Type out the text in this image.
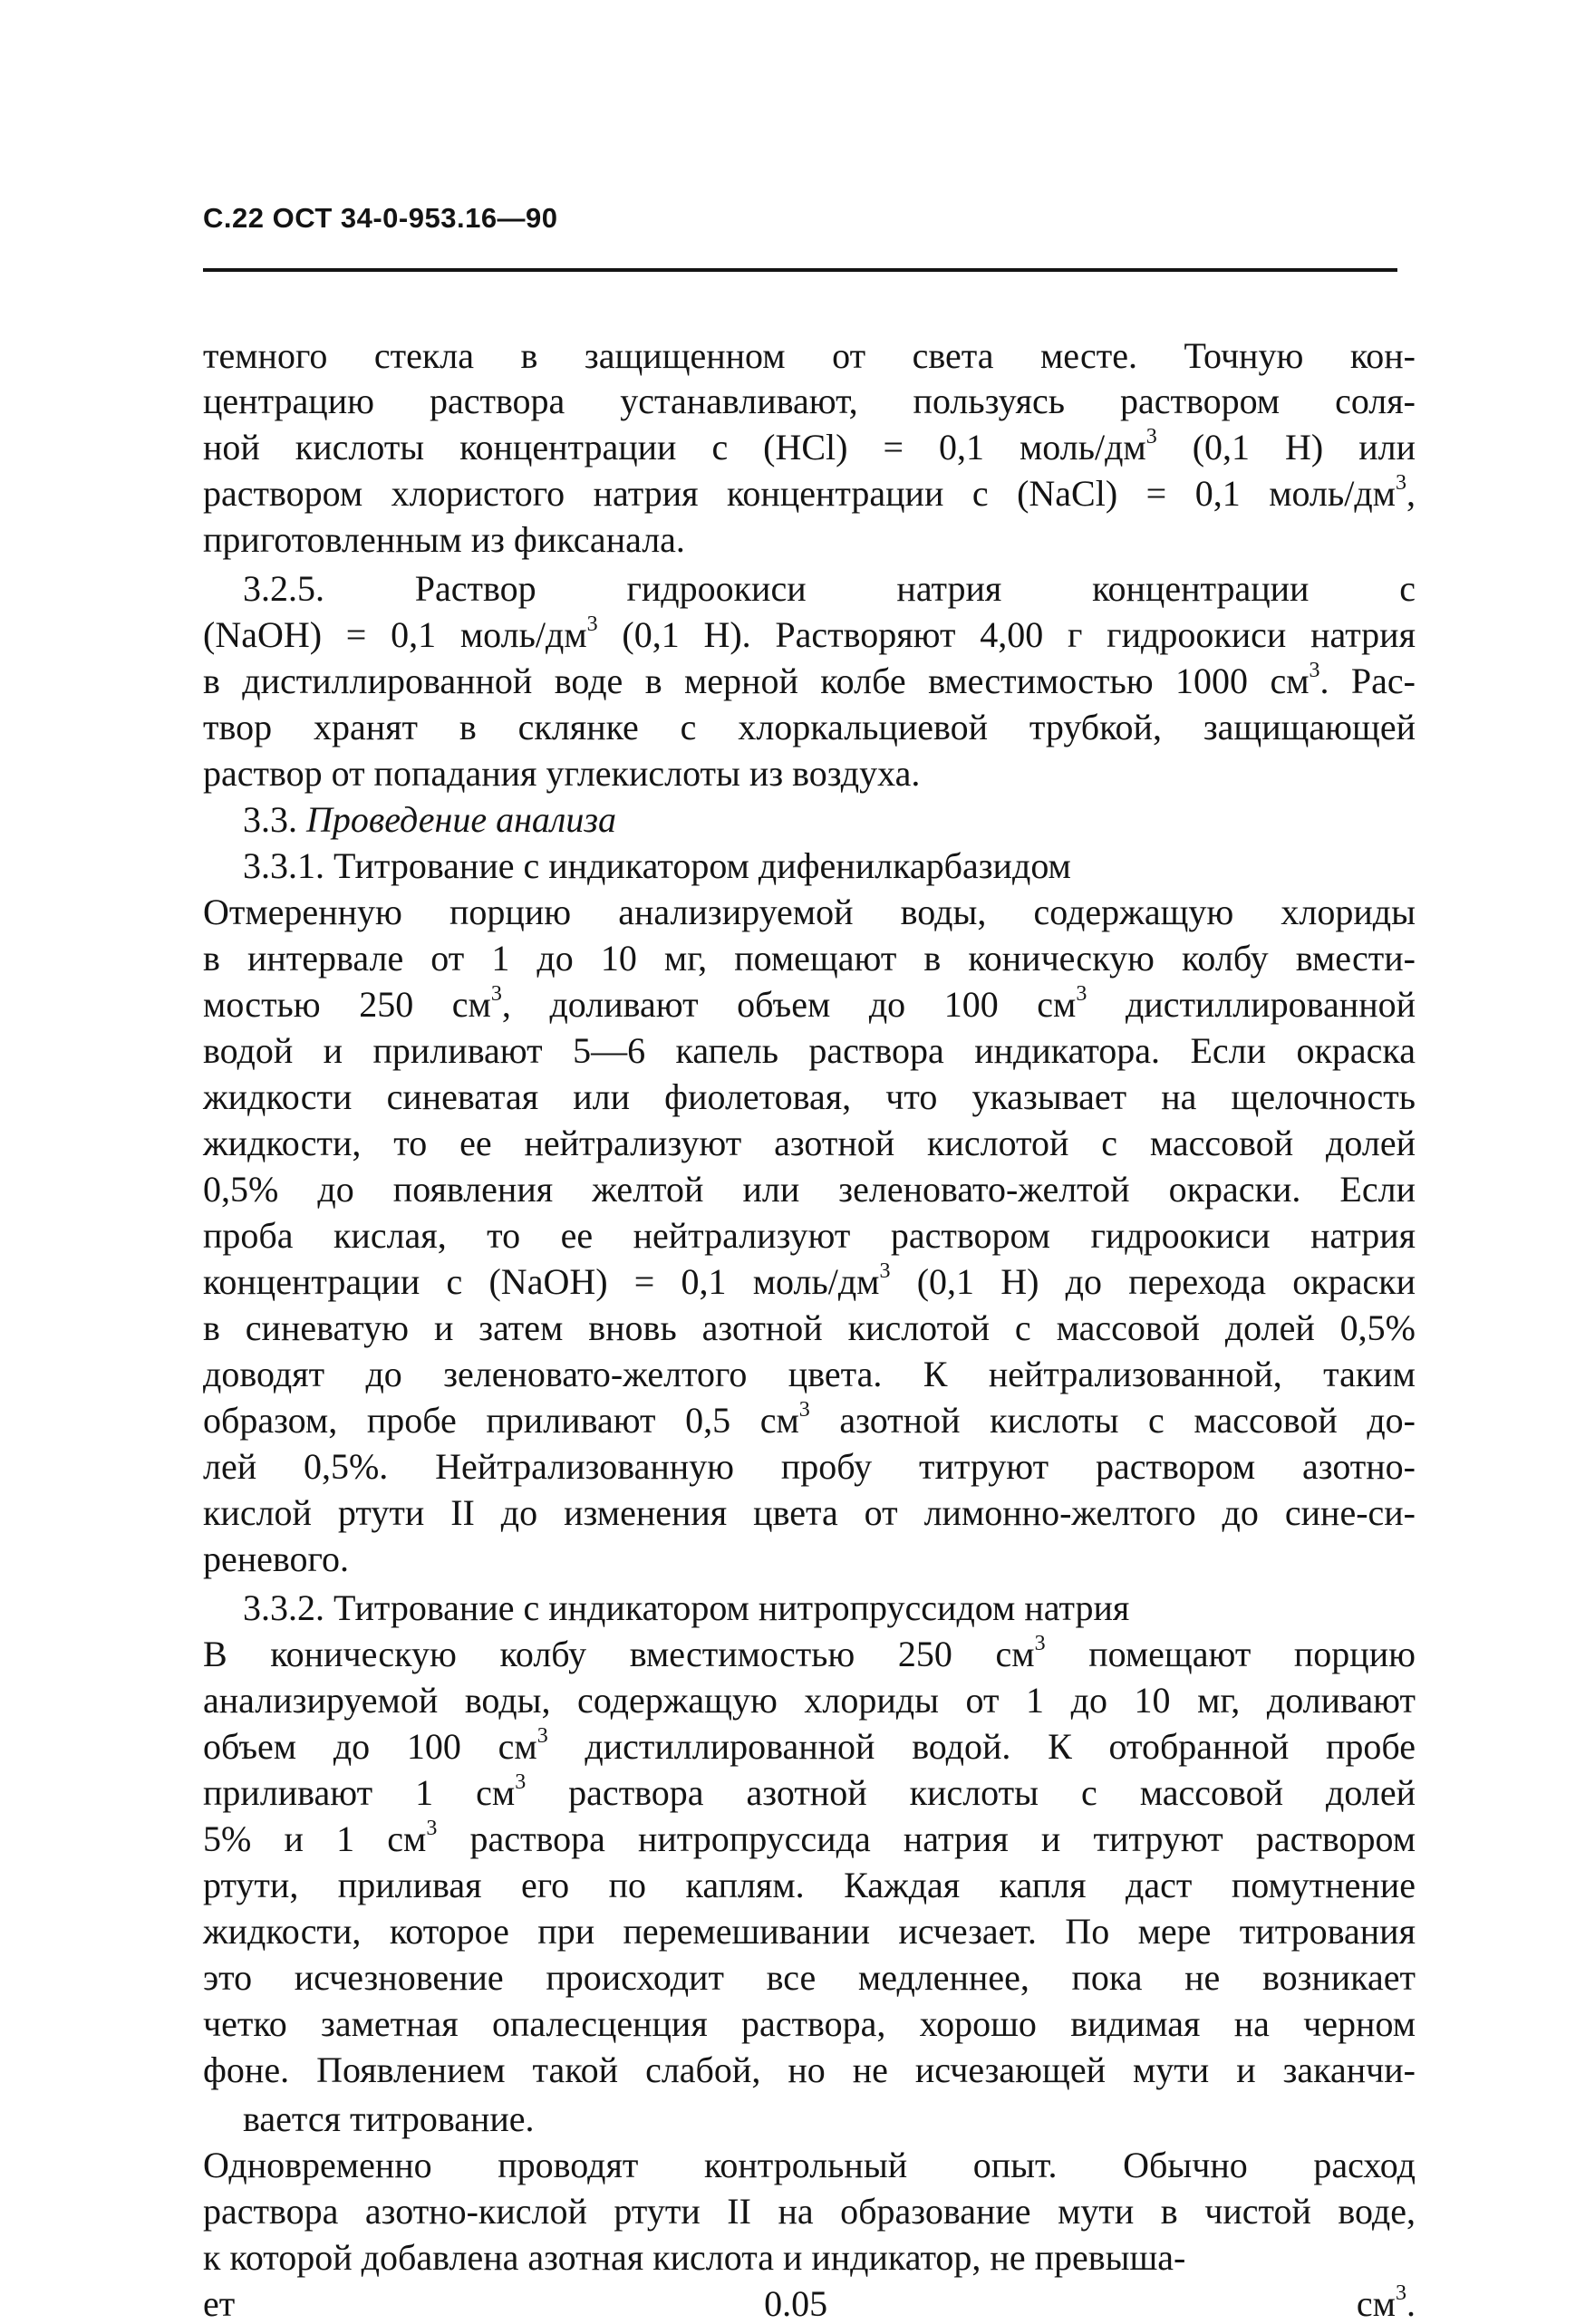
С.22 ОСТ 34-0-953.16—90
темного стекла в защищенном от света месте. Точную кон-
центрацию раствора устанавливают, пользуясь раствором соля-
ной кислоты концентрации с (HCl) = 0,1 моль/$дм^3$ (0,1 Н) или
раствором хлористого натрия концентрации с (NaCl) = 0,1 моль/$дм^3$,
приготовленным из фиксанала.
3.2.5. Раствор гидроокиси натрия концентрации с
(NaOH) = 0,1 моль/$дм^3$ (0,1 Н). Растворяют 4,00 г гидроокиси натрия
в дистиллированной воде в мерной колбе вместимостью 1000 $см^3$. Рас-
твор хранят в склянке с хлоркальциевой трубкой, защищающей
раствор от попадания углекислоты из воздуха.
3.3. Проведение анализа
3.3.1. Титрование с индикатором дифенилкарбазидом
Отмеренную порцию анализируемой воды, содержащую хлориды
в интервале от 1 до 10 мг, помещают в коническую колбу вмести-
мостью 250 $см^3$, доливают объем до 100 $см^3$ дистиллированной
водой и приливают 5—6 капель раствора индикатора. Если окраска
жидкости синеватая или фиолетовая, что указывает на щелочность
жидкости, то ее нейтрализуют азотной кислотой с массовой долей
0,5% до появления желтой или зеленовато-желтой окраски. Если
проба кислая, то ее нейтрализуют раствором гидроокиси натрия
концентрации с (NaOH) = 0,1 моль/$дм^3$ (0,1 Н) до перехода окраски
в синеватую и затем вновь азотной кислотой с массовой долей 0,5%
доводят до зеленовато-желтого цвета. К нейтрализованной, таким
образом, пробе приливают 0,5 $см^3$ азотной кислоты с массовой до-
лей 0,5%. Нейтрализованную пробу титруют раствором азотно-
кислой ртути II до изменения цвета от лимонно-желтого до сине-си-
реневого.
3.3.2. Титрование с индикатором нитропруссидом натрия
В коническую колбу вместимостью 250 $см^3$ помещают порцию
анализируемой воды, содержащую хлориды от 1 до 10 мг, доливают
объем до 100 $см^3$ дистиллированной водой. К отобранной пробе
приливают 1 $см^3$ раствора азотной кислоты с массовой долей
5% и 1 $см^3$ раствора нитропруссида натрия и титруют раствором
ртути, приливая его по каплям. Каждая капля даст помутнение
жидкости, которое при перемешивании исчезает. По мере титрования
это исчезновение происходит все медленнее, пока не возникает
четко заметная опалесценция раствора, хорошо видимая на черном
фоне. Появлением такой слабой, но не исчезающей мути и заканчи-
вается титрование.
Одновременно проводят контрольный опыт. Обычно расход
раствора азотно-кислой ртути II на образование мути в чистой воде,
к которой добавлена азотная кислота и индикатор, не превыша-
ет 0.05 $см^3$.
